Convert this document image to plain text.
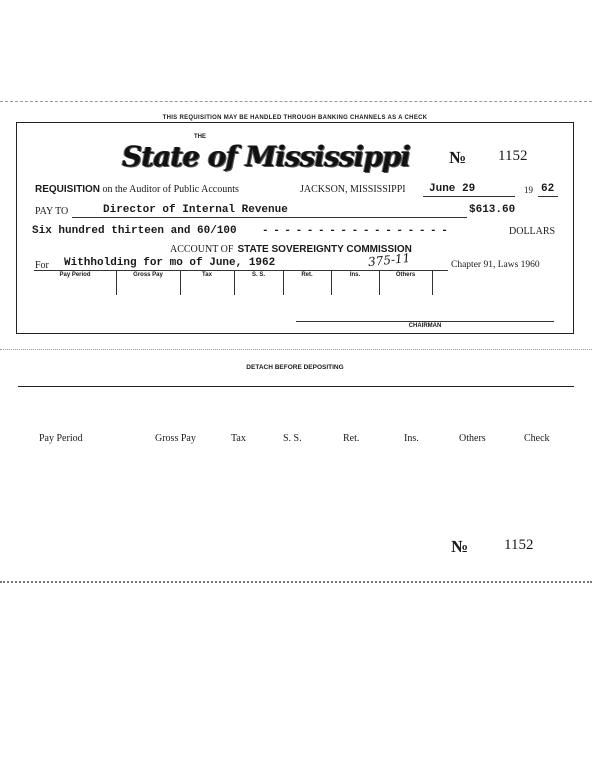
THIS REQUISITION MAY BE HANDLED THROUGH BANKING CHANNELS AS A CHECK
THE
State of Mississippi № 1152
REQUISITION on the Auditor of Public Accounts	JACKSON, MISSISSIPPI June 29	19 62
PAY TO	Director of Internal Revenue	$613.60
Six hundred thirteen and 60/100 - - - - - - - - - - - - - - - - -	DOLLARS
ACCOUNT OF STATE SOVEREIGNTY COMMISSION
For Withholding for mo of June, 1962	375-11	Chapter 91, Laws 1960
Pay Period	Gross Pay	Tax	S. S.	Ret.	Ins.	Others
CHAIRMAN
DETACH BEFORE DEPOSITING
Pay Period	Gross Pay	Tax	S. S.	Ret.	Ins.	Others	Check
№ 1152
